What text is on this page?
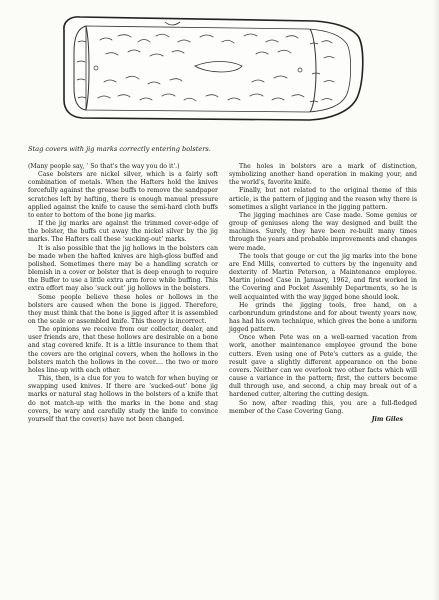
Stag covers with jig marks correctly entering bolsters.

(Many people say, ‘ So that's the way you do it'.)

Case bolsters are nickel silver, which is a fairly soft combination of metals. When the Hafters hold the knives forcefully against the grease buffs to remove the sandpaper scratches left by hafting, there is enough manual pressure applied against the knife to cause the semi-hard cloth buffs to enter to bottom of the bone jig marks.

If the jig marks are against the trimmed cover-edge of the bolster, the buffs cut away the nickel silver by the jig marks. The Hafters call these ‘sucking-out’ marks.

It is also possible that the jig hollows in the bolsters can be made when the hafted knives are high-gloss buffed and polished. Sometimes there may be a handling scratch or blemish in a cover or bolster that is deep enough to require the Buffer to use a little extra arm force while buffing. This extra effort may also ‘suck out’ jig hollows in the bolsters.

Some people believe these holes or hollows in the bolsters are caused when the bone is jigged. Therefore, they must think that the bone is jigged after it is assembled on the scale or assembled knife. This theory is incorrect.

The opinions we receive from our collector, dealer, and user friends are, that these hollows are desirable on a bone and stag covered knife. It is a little insurance to them that the covers are the original covers, when the hollows in the bolsters match the hollows in the cover.... the two or more holes line-up with each other.

This, then, is a clue for you to watch for when buying or swapping used knives. If there are ‘sucked-out’ bone jig marks or natural stag hollows in the bolsters of a knife that do not match-up with the marks in the bone and stag covers, be wary and carefully study the knife to convince yourself that the cover(s) have not been changed.

The holes in bolsters are a mark of distinction, symbolizing another hand operation in making your, and the world's, favorite knife.

Finally, but not related to the original theme of this article, is the pattern of jigging and the reason why there is sometimes a slight variance in the jigging pattern.

The jigging machines are Case made. Some genius or group of geniuses along the way designed and built the machines. Surely, they have been re-built many times through the years and probable improvements and changes were made.

The tools that gouge or cut the jig marks into the bone are End Mills, converted to cutters by the ingenuity and dexterity of Martin Peterson, a Maintenance employee. Martin joined Case in January, 1962, and first worked in the Covering and Pocket Assembly Departments, so he is well acquainted with the way jigged bone should look.

He grinds the jigging tools, free hand, on a carbonrundum grindstone and for about twenty years now, has had his own technique, which gives the bone a uniform jigged pattern.

Once when Pete was on a well-earned vacation from work, another maintenance employee ground the bone cutters. Even using one of Pete's cutters as a guide, the result gave a slightly different appearance on the bone covers. Neither can we overlook two other facts which will cause a variance in the pattern; first, the cutters become dull through use, and second, a chip may break out of a hardened cutter, altering the cutting design.

So now, after reading this, you are a full-fledged member of the Case Covering Gang.

Jim Giles
